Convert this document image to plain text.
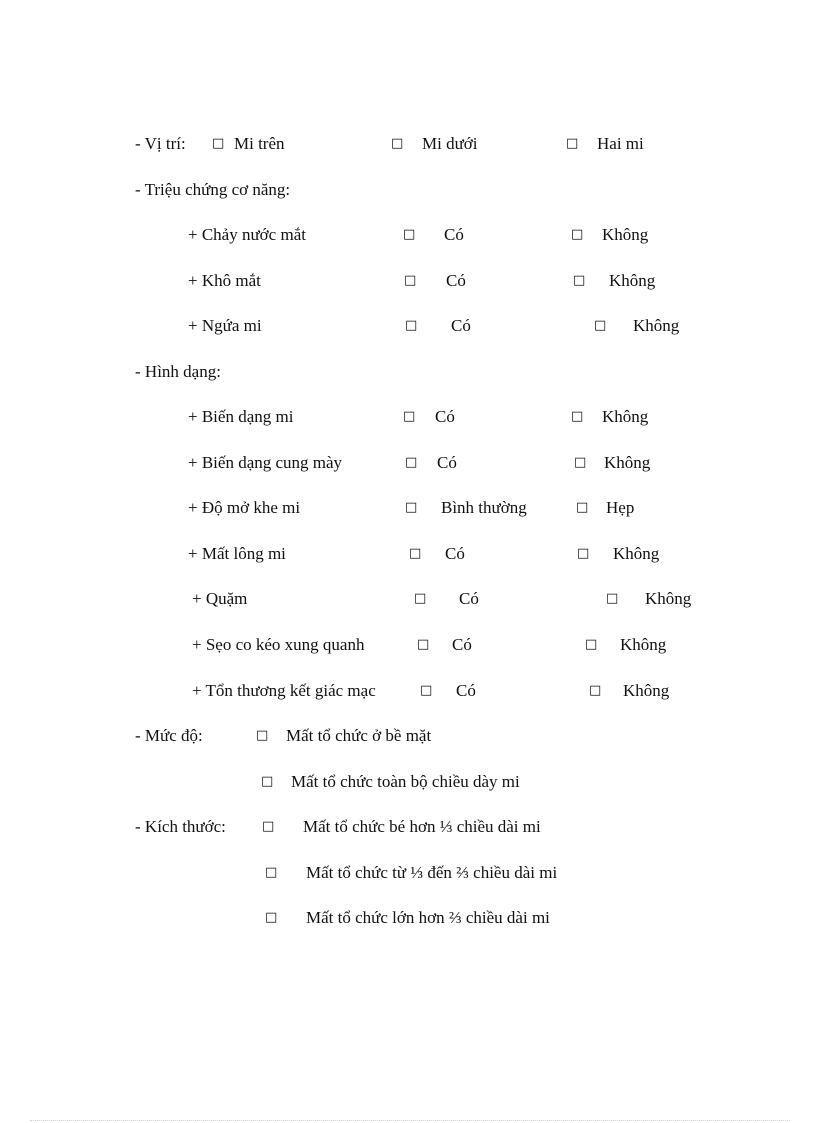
- Vị trí: □ Mi trên	□ Mi dưới	□ Hai mi
- Triệu chứng cơ năng:
+ Chảy nước mắt	□ Có	□ Không
+ Khô mắt	□ Có	□ Không
+ Ngứa mi	□ Có	□ Không
- Hình dạng:
+ Biến dạng mi	□ Có	□ Không
+ Biến dạng cung mày	□ Có	□ Không
+ Độ mở khe mi	□ Bình thường	□ Hẹp
+ Mất lông mi	□ Có	□ Không
+ Quặm	□ Có	□ Không
+ Sẹo co kéo xung quanh	□ Có	□ Không
+ Tổn thương kết giác mạc	□ Có	□ Không
- Mức độ:	□ Mất tổ chức ở bề mặt
□ Mất tổ chức toàn bộ chiều dày mi
- Kích thước:	□ Mất tổ chức bé hơn ⅓ chiều dài mi
□ Mất tổ chức từ ⅓ đến ⅔ chiều dài mi
□ Mất tổ chức lớn hơn ⅔ chiều dài mi
